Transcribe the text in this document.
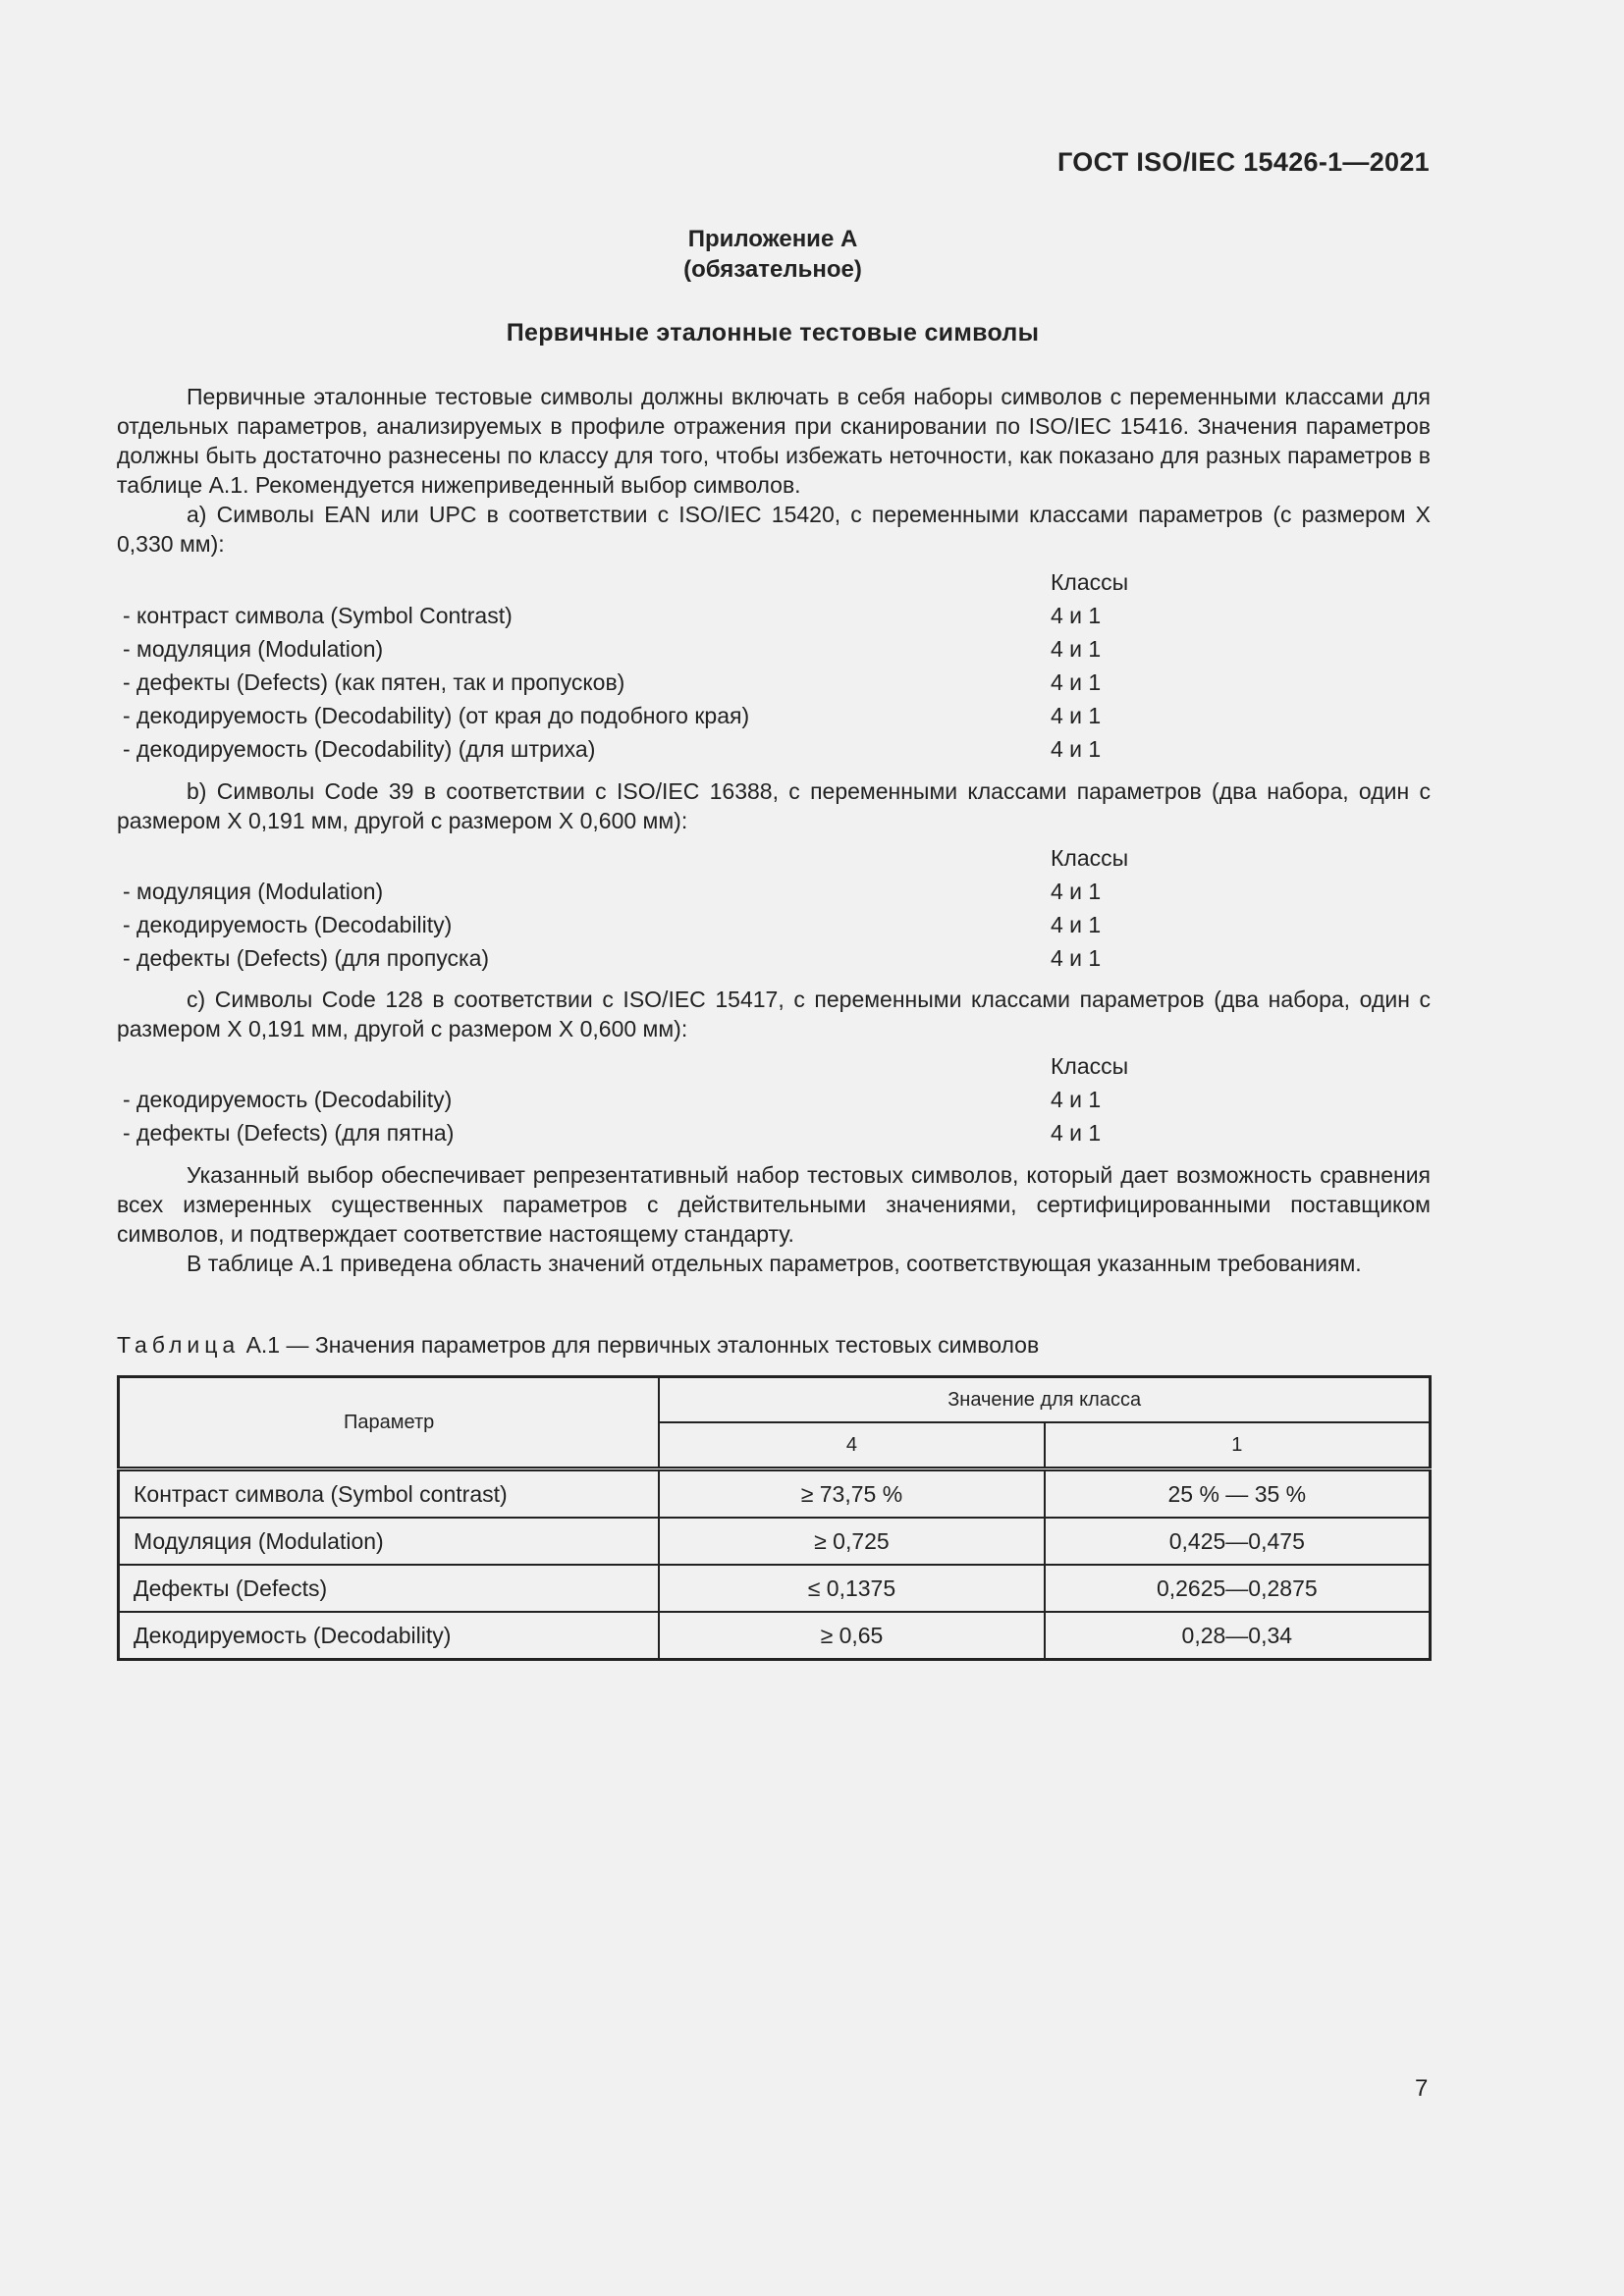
ГОСТ ISO/IEC 15426-1—2021
Приложение А
(обязательное)
Первичные эталонные тестовые символы

Первичные эталонные тестовые символы должны включать в себя наборы символов с переменными классами для отдельных параметров, анализируемых в профиле отражения при сканировании по ISO/IEC 15416. Значения параметров должны быть достаточно разнесены по классу для того, чтобы избежать неточности, как показано для разных параметров в таблице А.1. Рекомендуется нижеприведенный выбор символов.

a) Символы EAN или UPC в соответствии с ISO/IEC 15420, с переменными классами параметров (с размером X 0,330 мм):

Классы
- контраст символа (Symbol Contrast)	4 и 1
- модуляция (Modulation)	4 и 1
- дефекты (Defects) (как пятен, так и пропусков)	4 и 1
- декодируемость (Decodability) (от края до подобного края)	4 и 1
- декодируемость (Decodability) (для штриха)	4 и 1

b) Символы Code 39 в соответствии с ISO/IEC 16388, с переменными классами параметров (два набора, один с размером X 0,191 мм, другой с размером X 0,600 мм):

Классы
- модуляция (Modulation)	4 и 1
- декодируемость (Decodability)	4 и 1
- дефекты (Defects) (для пропуска)	4 и 1

c) Символы Code 128 в соответствии с ISO/IEC 15417, с переменными классами параметров (два набора, один с размером X 0,191 мм, другой с размером X 0,600 мм):

Классы
- декодируемость (Decodability)	4 и 1
- дефекты (Defects) (для пятна)	4 и 1

Указанный выбор обеспечивает репрезентативный набор тестовых символов, который дает возможность сравнения всех измеренных существенных параметров с действительными значениями, сертифицированными поставщиком символов, и подтверждает соответствие настоящему стандарту.

В таблице А.1 приведена область значений отдельных параметров, соответствующая указанным требованиям.

Таблица А.1 — Значения параметров для первичных эталонных тестовых символов
Параметр	Значение для класса	
	4	1
Контраст символа (Symbol contrast)	≥ 73,75 %	25 % — 35 %
Модуляция (Modulation)	≥ 0,725	0,425—0,475
Дефекты (Defects)	≤ 0,1375	0,2625—0,2875
Декодируемость (Decodability)	≥ 0,65	0,28—0,34
7
